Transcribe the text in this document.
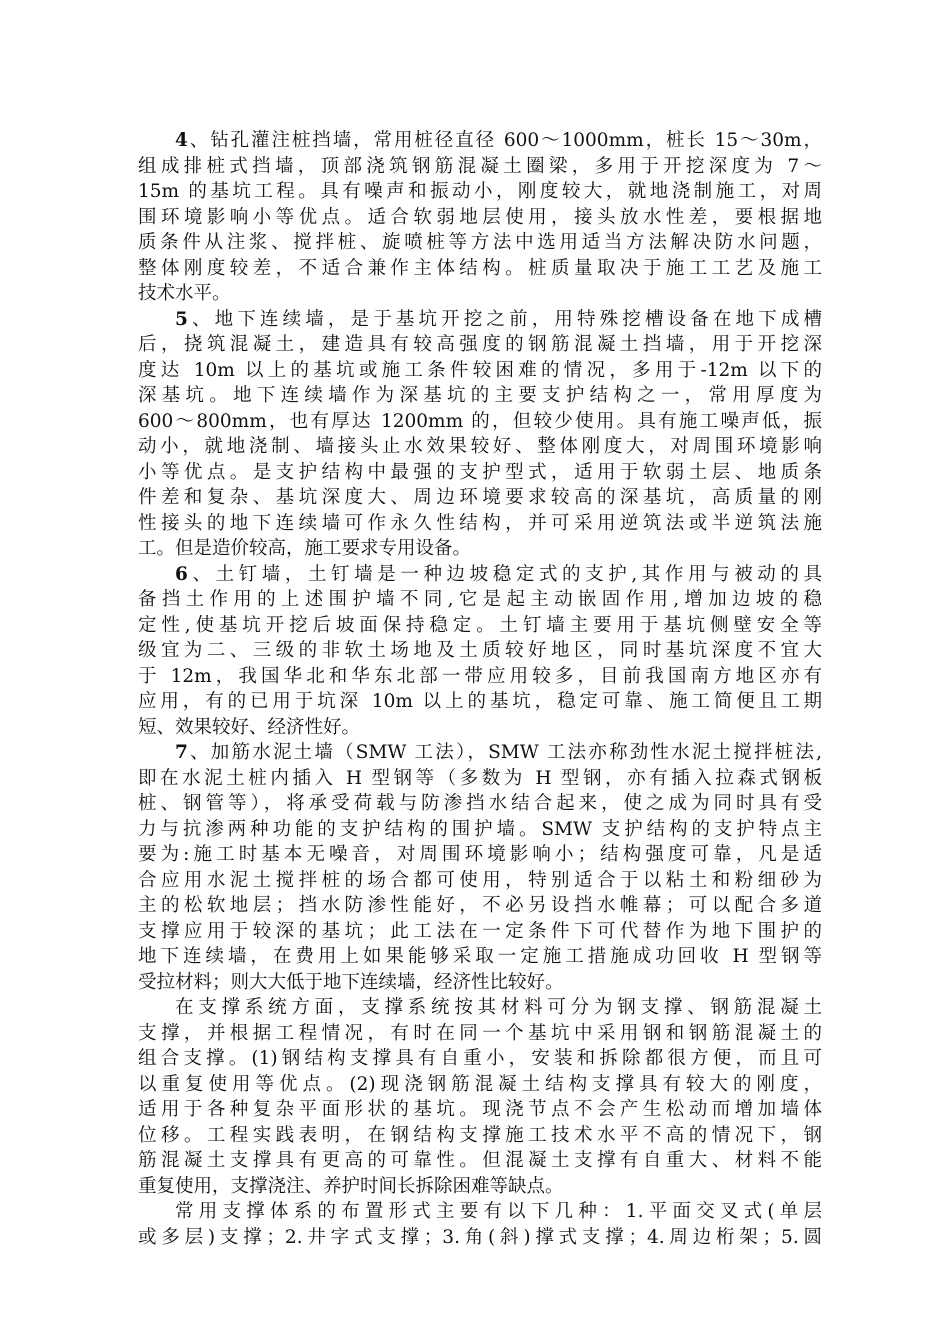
4、钻孔灌注桩挡墙，常用桩径直径 600～1000mm，桩长 15～30m，
组成排桩式挡墙，顶部浇筑钢筋混凝土圈梁，多用于开挖深度为 7～
15m 的基坑工程。具有噪声和振动小，刚度较大，就地浇制施工，对周
围环境影响小等优点。适合软弱地层使用，接头放水性差，要根据地
质条件从注浆、搅拌桩、旋喷桩等方法中选用适当方法解决防水问题，
整体刚度较差，不适合兼作主体结构。桩质量取决于施工工艺及施工
技术水平。
5、地下连续墙，是于基坑开挖之前，用特殊挖槽设备在地下成槽
后，挠筑混凝土，建造具有较高强度的钢筋混凝土挡墙，用于开挖深
度达 10m 以上的基坑或施工条件较困难的情况，多用于-12m 以下的
深基坑。地下连续墙作为深基坑的主要支护结构之一，常用厚度为
600～800mm，也有厚达 1200mm 的，但较少使用。具有施工噪声低，振
动小，就地浇制、墙接头止水效果较好、整体刚度大，对周围环境影响
小等优点。是支护结构中最强的支护型式，适用于软弱土层、地质条
件差和复杂、基坑深度大、周边环境要求较高的深基坑，高质量的刚
性接头的地下连续墙可作永久性结构，并可采用逆筑法或半逆筑法施
工。但是造价较高，施工要求专用设备。
6、土钉墙，土钉墙是一种边坡稳定式的支护,其作用与被动的具
备挡土作用的上述围护墙不同,它是起主动嵌固作用,增加边坡的稳
定性,使基坑开挖后坡面保持稳定。土钉墙主要用于基坑侧壁安全等
级宜为二、三级的非软土场地及土质较好地区，同时基坑深度不宜大
于 12m，我国华北和华东北部一带应用较多，目前我国南方地区亦有
应用，有的已用于坑深 10m 以上的基坑，稳定可靠、施工简便且工期
短、效果较好、经济性好。
7、加筋水泥土墙（SMW 工法），SMW 工法亦称劲性水泥土搅拌桩法,
即在水泥土桩内插入 H 型钢等（多数为 H 型钢，亦有插入拉森式钢板
桩、钢管等），将承受荷载与防渗挡水结合起来，使之成为同时具有受
力与抗渗两种功能的支护结构的围护墙。SMW 支护结构的支护特点主
要为:施工时基本无噪音，对周围环境影响小；结构强度可靠，凡是适
合应用水泥土搅拌桩的场合都可使用，特别适合于以粘土和粉细砂为
主的松软地层；挡水防渗性能好，不必另设挡水帷幕；可以配合多道
支撑应用于较深的基坑；此工法在一定条件下可代替作为地下围护的
地下连续墙，在费用上如果能够采取一定施工措施成功回收 H 型钢等
受拉材料；则大大低于地下连续墙，经济性比较好。
在支撑系统方面，支撑系统按其材料可分为钢支撑、钢筋混凝土
支撑，并根据工程情况，有时在同一个基坑中采用钢和钢筋混凝土的
组合支撑。(1)钢结构支撑具有自重小，安装和拆除都很方便，而且可
以重复使用等优点。(2)现浇钢筋混凝土结构支撑具有较大的刚度，
适用于各种复杂平面形状的基坑。现浇节点不会产生松动而增加墙体
位移。工程实践表明，在钢结构支撑施工技术水平不高的情况下，钢
筋混凝土支撑具有更高的可靠性。但混凝土支撑有自重大、材料不能
重复使用，支撑浇注、养护时间长拆除困难等缺点。
常用支撑体系的布置形式主要有以下几种：1.平面交叉式(单层
或多层)支撑；2.井字式支撑；3.角(斜)撑式支撑；4.周边桁架；5.圆
